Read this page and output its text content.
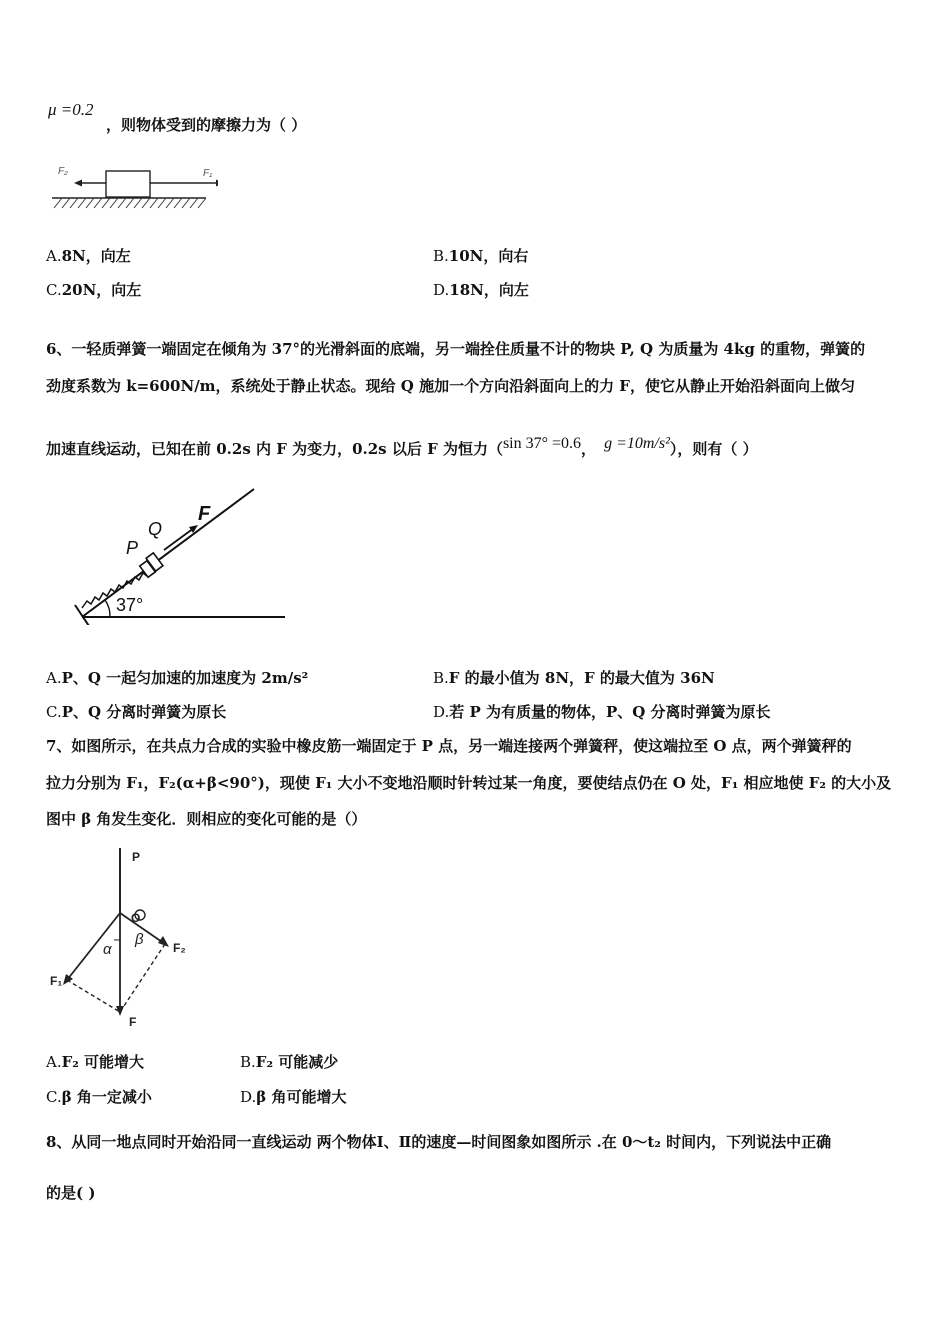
μ =0.2
，则物体受到的摩擦力为（ ）
F₂	F₁
A.8N，向左	B.10N，向右
C.20N，向左	D.18N，向左
6、一轻质弹簧一端固定在倾角为 37°的光滑斜面的底端，另一端拴住质量不计的物块 P, Q 为质量为 4kg 的重物，弹簧的
劲度系数为 k=600N/m，系统处于静止状态。现给 Q 施加一个方向沿斜面向上的力 F，使它从静止开始沿斜面向上做匀
加速直线运动，已知在前 0.2s 内 F 为变力，0.2s 以后 F 为恒力（sin 37° =0.6， g =10m/s²），则有（ ）
P
Q
F
37°
A.P、Q 一起匀加速的加速度为 2m/s²	B.F 的最小值为 8N，F 的最大值为 36N
C.P、Q 分离时弹簧为原长	D.若 P 为有质量的物体，P、Q 分离时弹簧为原长
7、如图所示，在共点力合成的实验中橡皮筋一端固定于 P 点，另一端连接两个弹簧秤，使这端拉至 O 点，两个弹簧秤的
拉力分别为 F₁，F₂(α+β<90°)，现使 F₁ 大小不变地沿顺时针转过某一角度，要使结点仍在 O 处，F₁ 相应地使 F₂ 的大小及
图中 β 角发生变化．则相应的变化可能的是（）
P
O
F
F₁
F₂
α
β
A.F₂ 可能增大	B.F₂ 可能减少
C.β 角一定减小	D.β 角可能增大
8、从同一地点同时开始沿同一直线运动 两个物体Ⅰ、Ⅱ的速度—时间图象如图所示 .在 0～t₂ 时间内，下列说法中正确
的是( )
